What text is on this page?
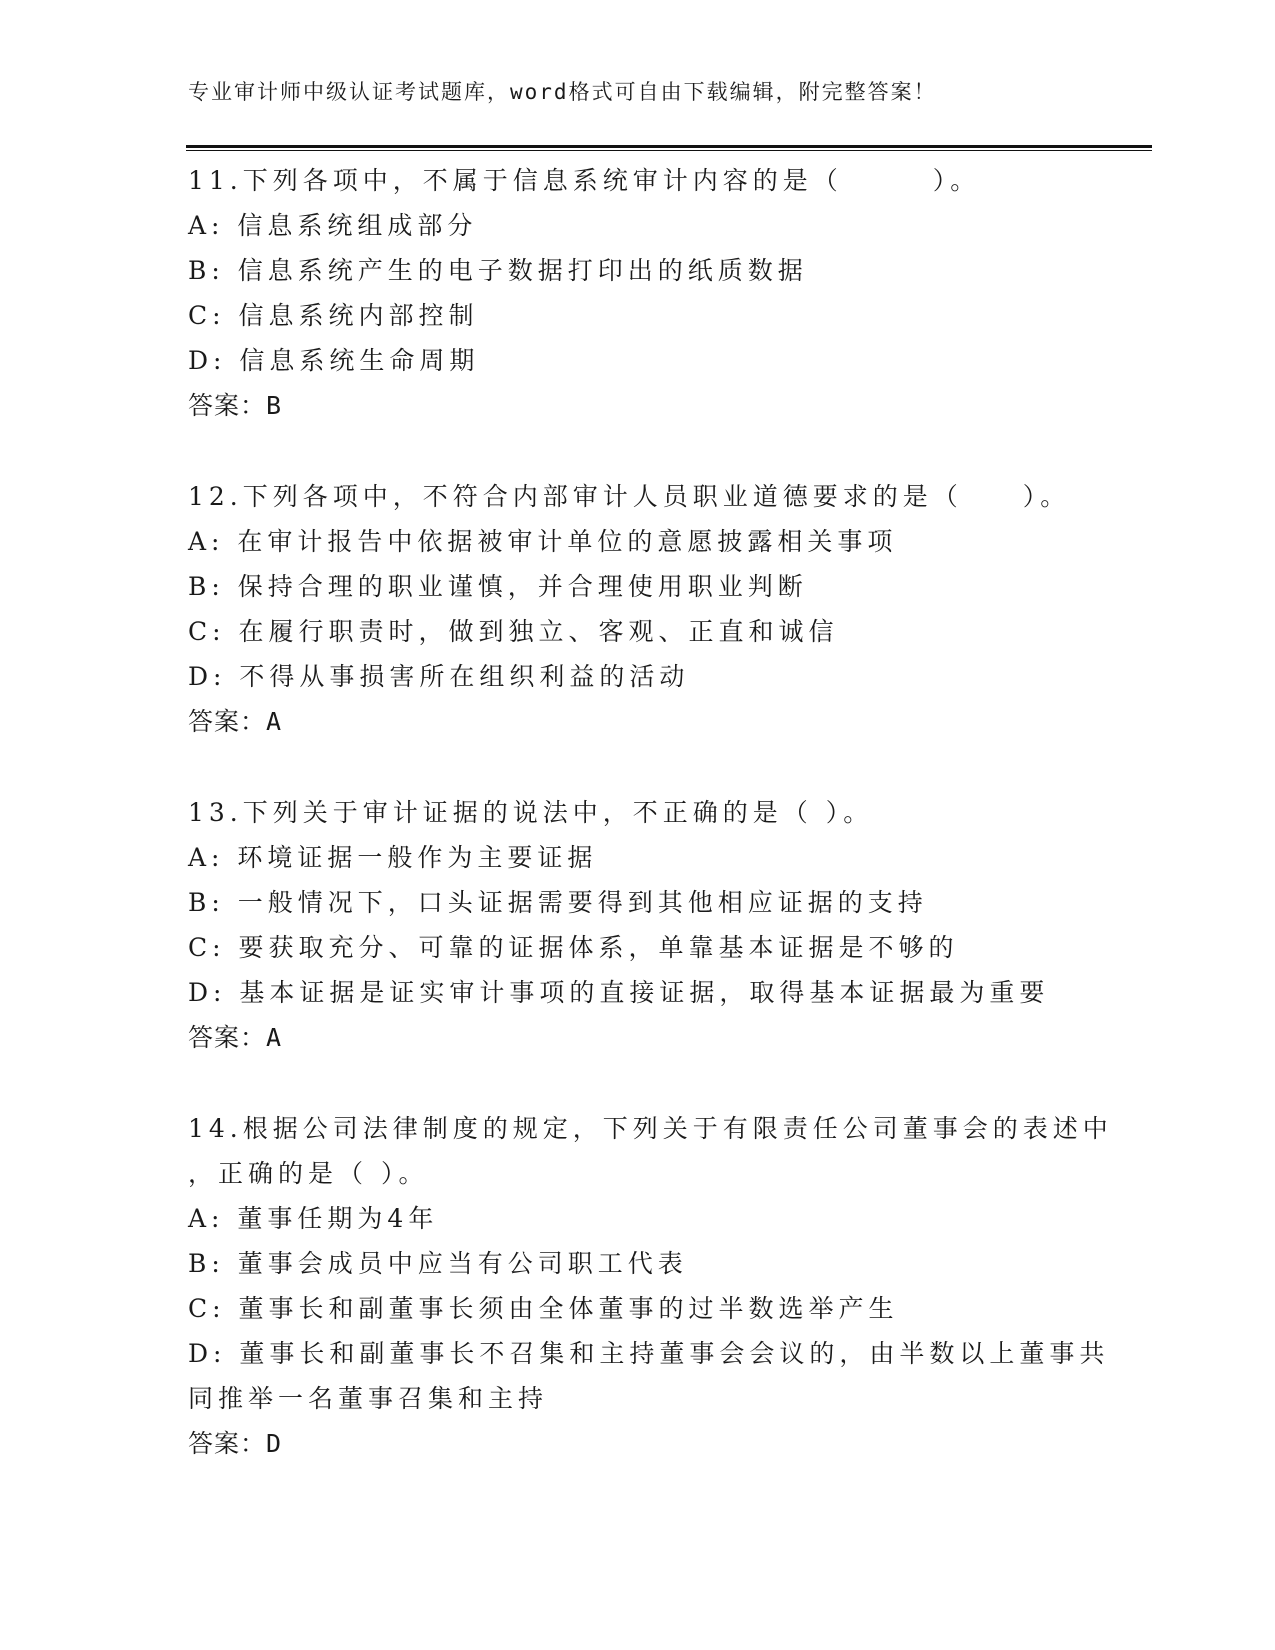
专业审计师中级认证考试题库，word格式可自由下载编辑，附完整答案！
11.下列各项中，不属于信息系统审计内容的是（　　　）。
A: 信息系统组成部分
B: 信息系统产生的电子数据打印出的纸质数据
C: 信息系统内部控制
D: 信息系统生命周期
答案：B
12.下列各项中，不符合内部审计人员职业道德要求的是（　　）。
A: 在审计报告中依据被审计单位的意愿披露相关事项
B: 保持合理的职业谨慎，并合理使用职业判断
C: 在履行职责时，做到独立、客观、正直和诚信
D: 不得从事损害所在组织利益的活动
答案：A
13.下列关于审计证据的说法中，不正确的是（ ）。
A: 环境证据一般作为主要证据
B: 一般情况下，口头证据需要得到其他相应证据的支持
C: 要获取充分、可靠的证据体系，单靠基本证据是不够的
D: 基本证据是证实审计事项的直接证据，取得基本证据最为重要
答案：A
14.根据公司法律制度的规定，下列关于有限责任公司董事会的表述中
，正确的是（ ）。
A: 董事任期为4年
B: 董事会成员中应当有公司职工代表
C: 董事长和副董事长须由全体董事的过半数选举产生
D: 董事长和副董事长不召集和主持董事会会议的，由半数以上董事共
同推举一名董事召集和主持
答案：D
